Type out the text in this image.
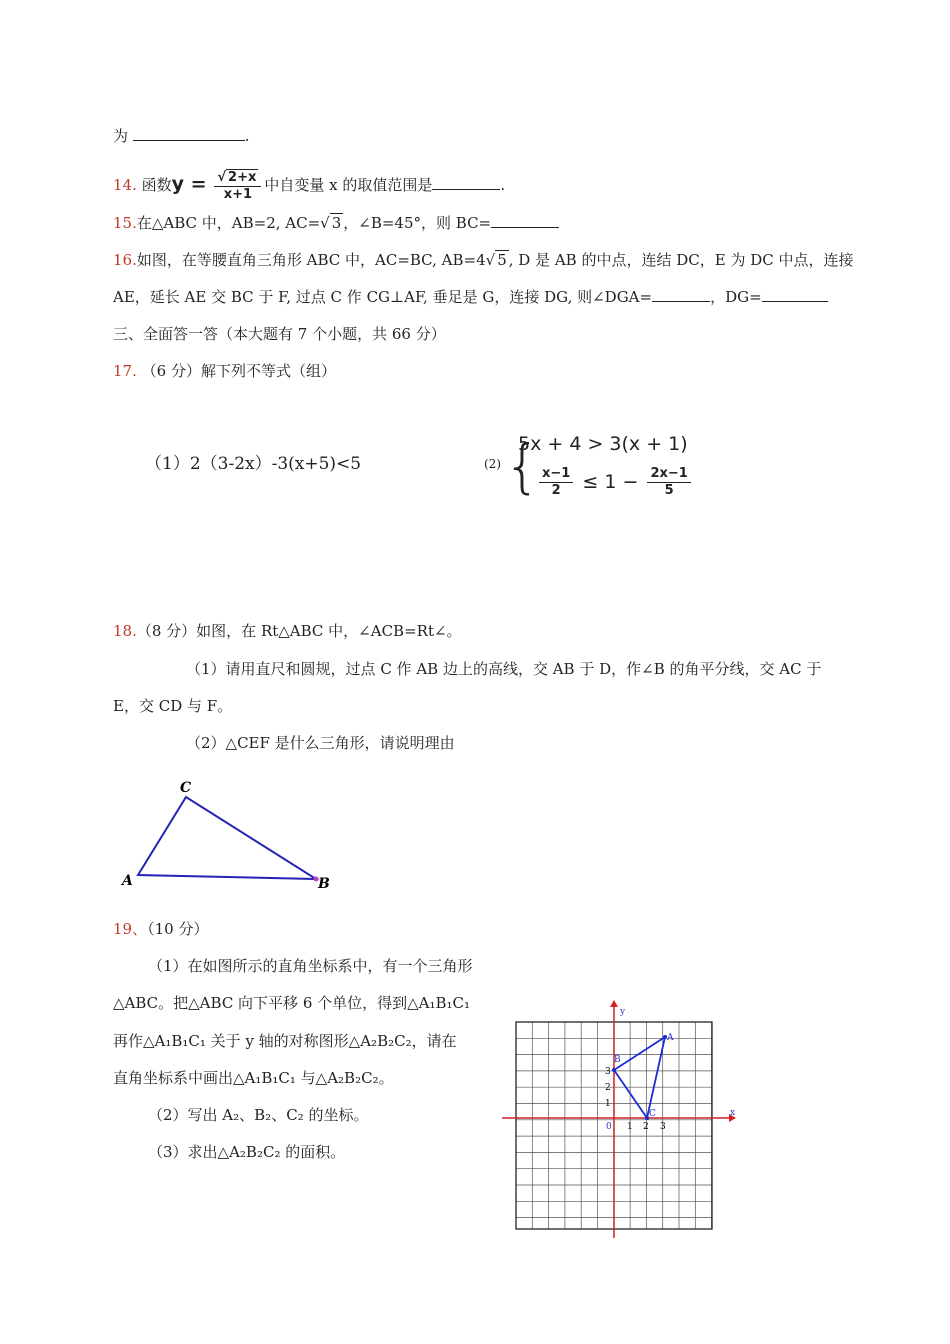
为	.
14. 函数$y = \frac{√ 2+x}{x+1}$ 中自变量 x 的取值范围是	.
15.在△ABC 中，AB=2, AC=√ 3 ，∠B=45°，则 BC=
16.如图，在等腰直角三角形 ABC 中，AC=BC, AB=4√ 5 , D 是 AB 的中点，连结 DC，E 为 DC 中点，连接
AE，延长 AE 交 BC 于 F, 过点 C 作 CG⊥AF, 垂足是 G，连接 DG, 则∠DGA=	，DG=
三、全面答一答（本大题有 7 个小题，共 66 分）
17. （6 分）解下列不等式（组）
（1）2（3-2x）-3(x+5)<5	(2) {
5x + 4 > 3(x + 1)
$\frac{x-1}{2} \le 1 - \frac{2x-1}{5}$
18.（8 分）如图，在 Rt△ABC 中，∠ACB=Rt∠。
（1）请用直尺和圆规，过点 C 作 AB 边上的高线，交 AB 于 D，作∠B 的角平分线，交 AC 于
E，交 CD 与 F。
（2）△CEF 是什么三角形，请说明理由
A	B
C
19、（10 分）
（1）在如图所示的直角坐标系中，有一个三角形
△ABC。把△ABC 向下平移 6 个单位，得到△A₁B₁C₁
再作△A₁B₁C₁ 关于 y 轴的对称图形△A₂B₂C₂，请在
直角坐标系中画出△A₁B₁C₁ 与△A₂B₂C₂。
（2）写出 A₂、B₂、C₂ 的坐标。
（3）求出△A₂B₂C₂ 的面积。
x
y
0 1 2 3
1
2
3
A
B
C
